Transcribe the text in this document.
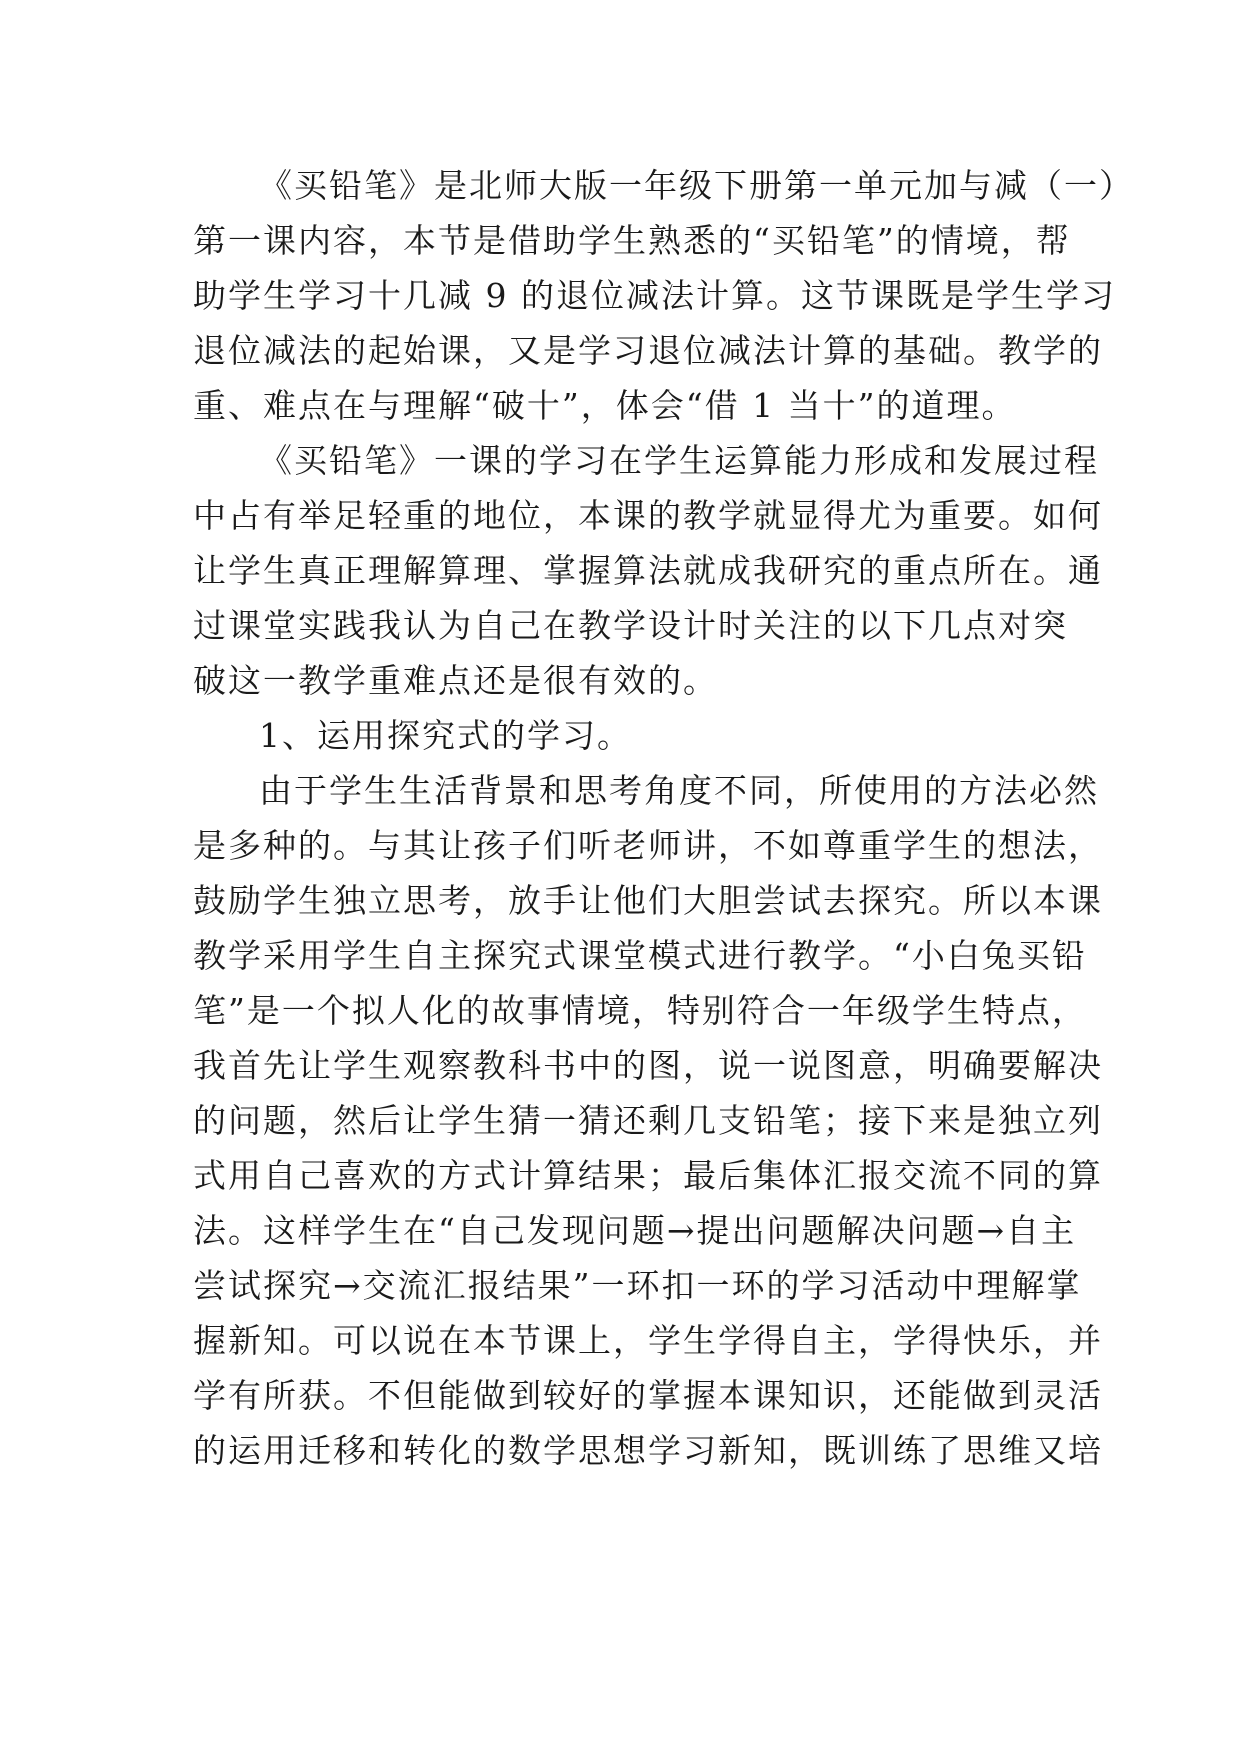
《买铅笔》是北师大版一年级下册第一单元加与减（一）
第一课内容，本节是借助学生熟悉的“买铅笔”的情境，帮
助学生学习十几减 9 的退位减法计算。这节课既是学生学习
退位减法的起始课，又是学习退位减法计算的基础。教学的
重、难点在与理解“破十”，体会“借 1 当十”的道理。
《买铅笔》一课的学习在学生运算能力形成和发展过程
中占有举足轻重的地位，本课的教学就显得尤为重要。如何
让学生真正理解算理、掌握算法就成我研究的重点所在。通
过课堂实践我认为自己在教学设计时关注的以下几点对突
破这一教学重难点还是很有效的。
1、运用探究式的学习。
由于学生生活背景和思考角度不同，所使用的方法必然
是多种的。与其让孩子们听老师讲，不如尊重学生的想法，
鼓励学生独立思考，放手让他们大胆尝试去探究。所以本课
教学采用学生自主探究式课堂模式进行教学。“小白兔买铅
笔”是一个拟人化的故事情境，特别符合一年级学生特点，
我首先让学生观察教科书中的图，说一说图意，明确要解决
的问题，然后让学生猜一猜还剩几支铅笔；接下来是独立列
式用自己喜欢的方式计算结果；最后集体汇报交流不同的算
法。这样学生在“自己发现问题→提出问题解决问题→自主
尝试探究→交流汇报结果”一环扣一环的学习活动中理解掌
握新知。可以说在本节课上，学生学得自主，学得快乐，并
学有所获。不但能做到较好的掌握本课知识，还能做到灵活
的运用迁移和转化的数学思想学习新知，既训练了思维又培
